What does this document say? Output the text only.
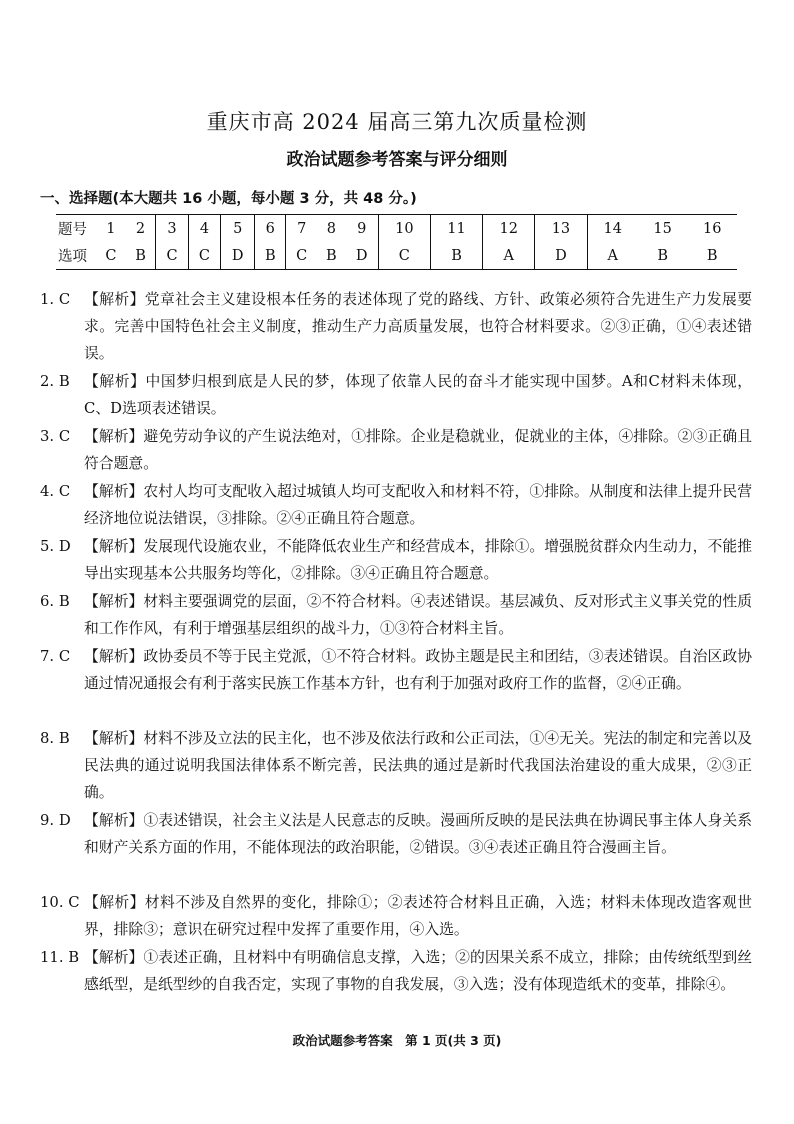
重庆市高 2024 届高三第九次质量检测
政治试题参考答案与评分细则
一、选择题(本大题共 16 小题，每小题 3 分，共 48 分。)
题号	1	2	3	4	5	6	7	8	9	10	11	12	13	14	15	16
选项	C	B	C	C	D	B	C	B	D	C	B	A	D	A	B	B
1. C 【解析】党章社会主义建设根本任务的表述体现了党的路线、方针、政策必须符合先进生产力发展要求。完善中国特色社会主义制度，推动生产力高质量发展，也符合材料要求。②③正确，①④表述错误。
2. B 【解析】中国梦归根到底是人民的梦，体现了依靠人民的奋斗才能实现中国梦。A和C材料未体现，C、D选项表述错误。
3. C 【解析】避免劳动争议的产生说法绝对，①排除。企业是稳就业，促就业的主体，④排除。②③正确且符合题意。
4. C 【解析】农村人均可支配收入超过城镇人均可支配收入和材料不符，①排除。从制度和法律上提升民营经济地位说法错误，③排除。②④正确且符合题意。
5. D 【解析】发展现代设施农业，不能降低农业生产和经营成本，排除①。增强脱贫群众内生动力，不能推导出实现基本公共服务均等化，②排除。③④正确且符合题意。
6. B 【解析】材料主要强调党的层面，②不符合材料。④表述错误。基层减负、反对形式主义事关党的性质和工作作风，有利于增强基层组织的战斗力，①③符合材料主旨。
7. C 【解析】政协委员不等于民主党派，①不符合材料。政协主题是民主和团结，③表述错误。自治区政协通过情况通报会有利于落实民族工作基本方针，也有利于加强对政府工作的监督，②④正确。
8. B 【解析】材料不涉及立法的民主化，也不涉及依法行政和公正司法，①④无关。宪法的制定和完善以及民法典的通过说明我国法律体系不断完善，民法典的通过是新时代我国法治建设的重大成果，②③正确。
9. D 【解析】①表述错误，社会主义法是人民意志的反映。漫画所反映的是民法典在协调民事主体人身关系和财产关系方面的作用，不能体现法的政治职能，②错误。③④表述正确且符合漫画主旨。
10. C 【解析】材料不涉及自然界的变化，排除①；②表述符合材料且正确，入选；材料未体现改造客观世界，排除③；意识在研究过程中发挥了重要作用，④入选。
11. B 【解析】①表述正确，且材料中有明确信息支撑，入选；②的因果关系不成立，排除；由传统纸型到丝感纸型，是纸型纱的自我否定，实现了事物的自我发展，③入选；没有体现造纸术的变革，排除④。
政治试题参考答案　第 1 页(共 3 页)
